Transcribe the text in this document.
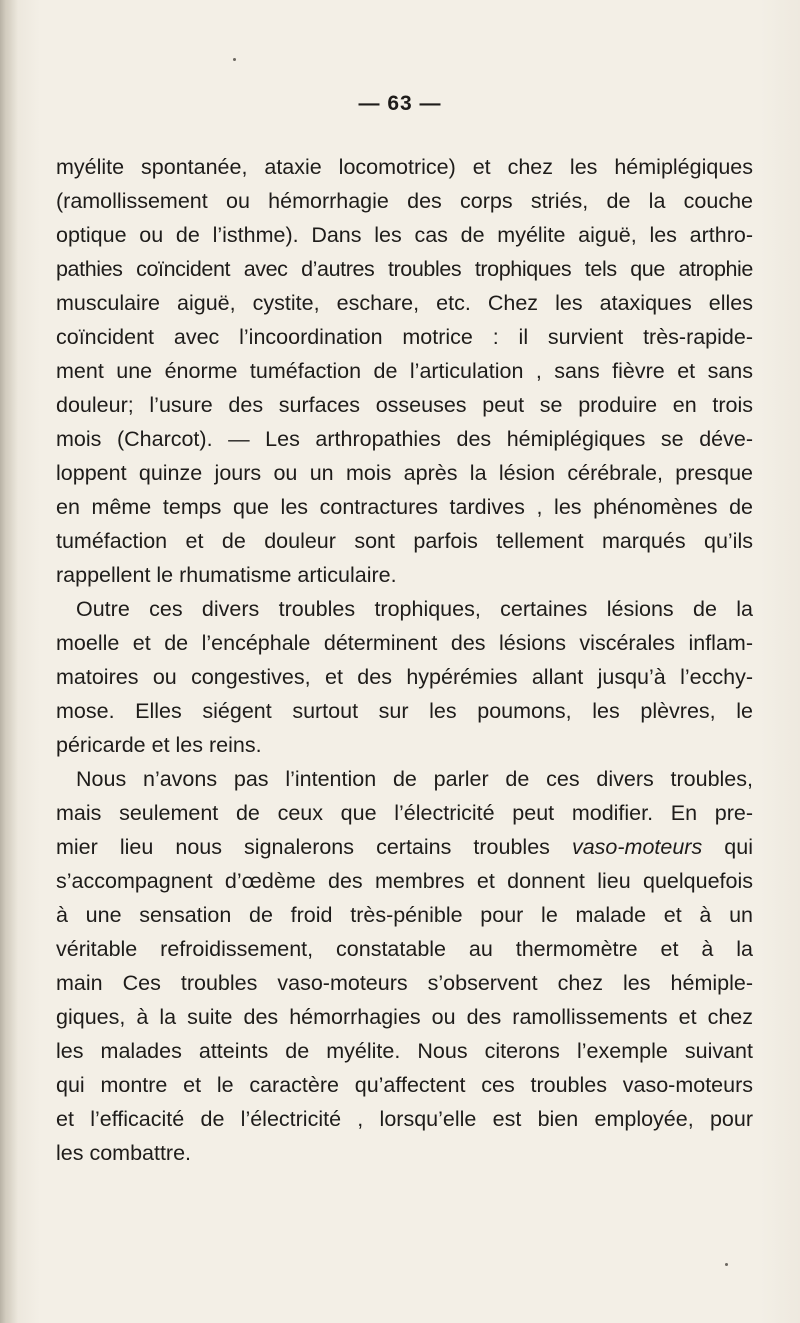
— 63 —
myélite spontanée, ataxie locomotrice) et chez les hémiplégiques
(ramollissement ou hémorrhagie des corps striés, de la couche
optique ou de l’isthme). Dans les cas de myélite aiguë, les arthro-
pathies coïncident avec d’autres troubles trophiques tels que atrophie
musculaire aiguë, cystite, eschare, etc. Chez les ataxiques elles
coïncident avec l’incoordination motrice : il survient très-rapide-
ment une énorme tuméfaction de l’articulation , sans fièvre et sans
douleur; l’usure des surfaces osseuses peut se produire en trois
mois (Charcot). — Les arthropathies des hémiplégiques se déve-
loppent quinze jours ou un mois après la lésion cérébrale, presque
en même temps que les contractures tardives , les phénomènes de
tuméfaction et de douleur sont parfois tellement marqués qu’ils
rappellent le rhumatisme articulaire.
Outre ces divers troubles trophiques, certaines lésions de la
moelle et de l’encéphale déterminent des lésions viscérales inflam-
matoires ou congestives, et des hypérémies allant jusqu’à l’ecchy-
mose. Elles siégent surtout sur les poumons, les plèvres, le
péricarde et les reins.
Nous n’avons pas l’intention de parler de ces divers troubles,
mais seulement de ceux que l’électricité peut modifier. En pre-
mier lieu nous signalerons certains troubles vaso-moteurs qui
s’accompagnent d’œdème des membres et donnent lieu quelquefois
à une sensation de froid très-pénible pour le malade et à un
véritable refroidissement, constatable au thermomètre et à la
main Ces troubles vaso-moteurs s’observent chez les hémiple-
giques, à la suite des hémorrhagies ou des ramollissements et chez
les malades atteints de myélite. Nous citerons l’exemple suivant
qui montre et le caractère qu’affectent ces troubles vaso-moteurs
et l’efficacité de l’électricité , lorsqu’elle est bien employée, pour
les combattre.
